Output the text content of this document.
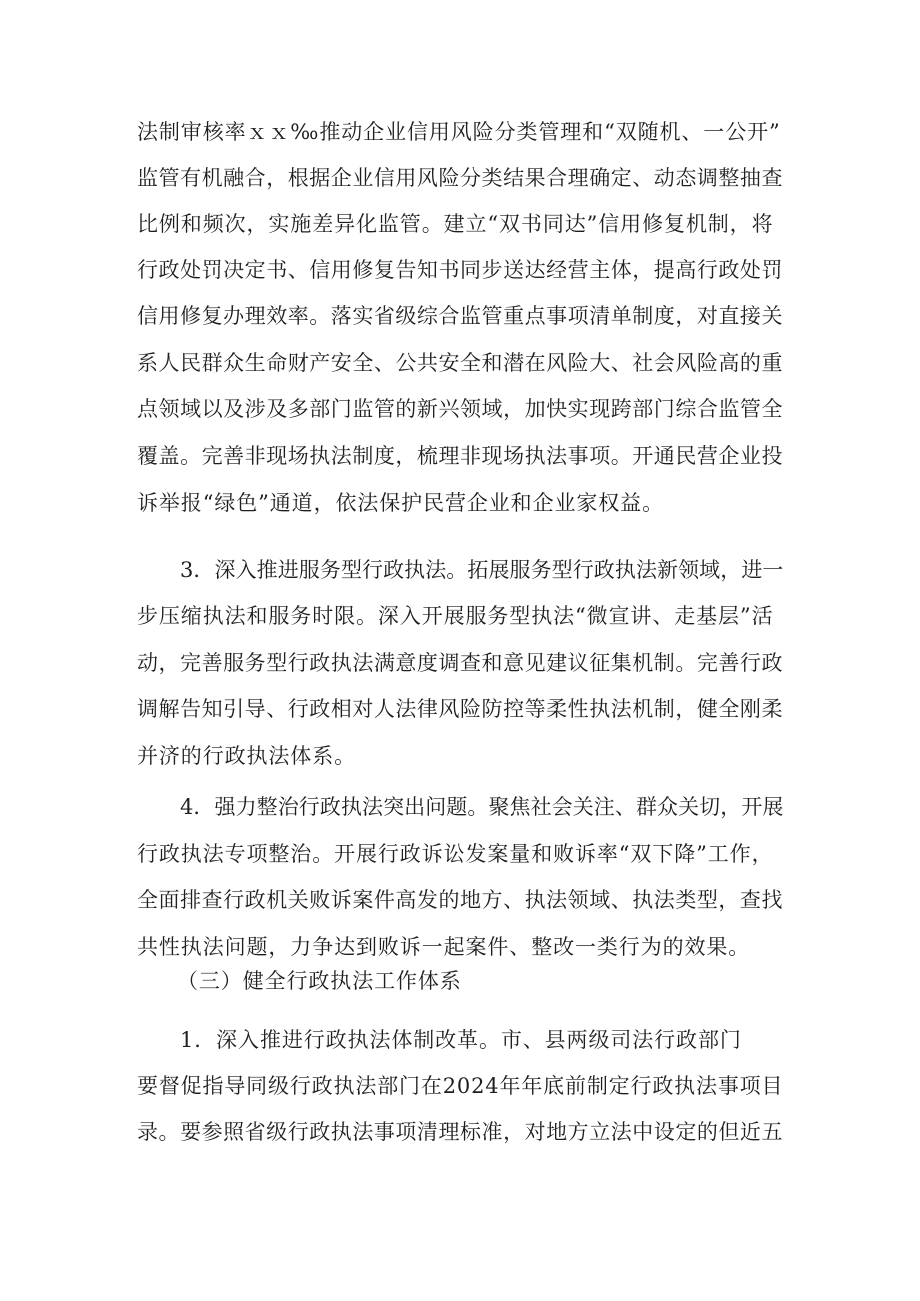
法制审核率ｘｘ‰推动企业信用风险分类管理和“双随机、一公开”
监管有机融合，根据企业信用风险分类结果合理确定、动态调整抽查
比例和频次，实施差异化监管。建立“双书同达”信用修复机制，将
行政处罚决定书、信用修复告知书同步送达经营主体，提高行政处罚
信用修复办理效率。落实省级综合监管重点事项清单制度，对直接关
系人民群众生命财产安全、公共安全和潜在风险大、社会风险高的重
点领域以及涉及多部门监管的新兴领域，加快实现跨部门综合监管全
覆盖。完善非现场执法制度，梳理非现场执法事项。开通民营企业投
诉举报“绿色”通道，依法保护民营企业和企业家权益。
3．深入推进服务型行政执法。拓展服务型行政执法新领域，进一
步压缩执法和服务时限。深入开展服务型执法“微宣讲、走基层”活
动，完善服务型行政执法满意度调查和意见建议征集机制。完善行政
调解告知引导、行政相对人法律风险防控等柔性执法机制，健全刚柔
并济的行政执法体系。
4．强力整治行政执法突出问题。聚焦社会关注、群众关切，开展
行政执法专项整治。开展行政诉讼发案量和败诉率“双下降”工作，
全面排查行政机关败诉案件高发的地方、执法领域、执法类型，查找
共性执法问题，力争达到败诉一起案件、整改一类行为的效果。
（三）健全行政执法工作体系
1．深入推进行政执法体制改革。市、县两级司法行政部门
要督促指导同级行政执法部门在2024年年底前制定行政执法事项目
录。要参照省级行政执法事项清理标准，对地方立法中设定的但近五
